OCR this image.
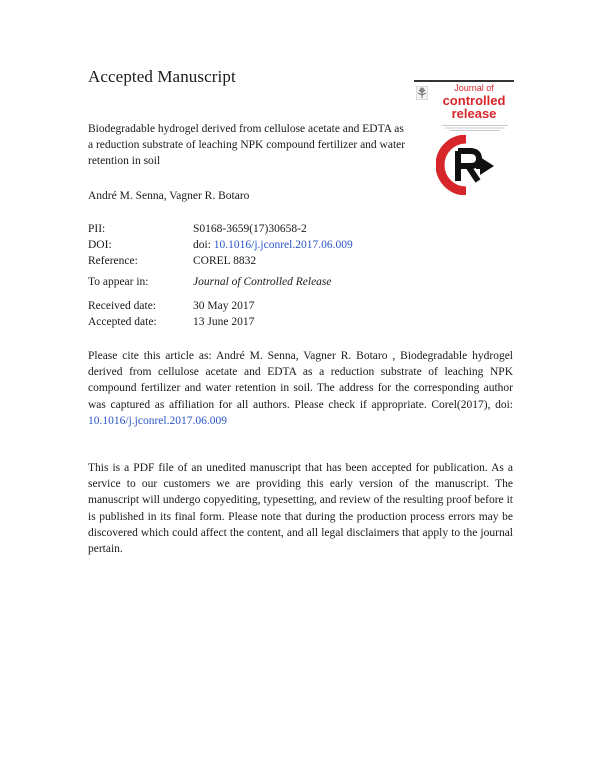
Accepted Manuscript
Journal of
controlled
release
Biodegradable hydrogel derived from cellulose acetate and EDTA as a reduction substrate of leaching NPK compound fertilizer and water retention in soil
André M. Senna, Vagner R. Botaro
PII:	S0168-3659(17)30658-2
DOI:	doi: 10.1016/j.jconrel.2017.06.009
Reference:	COREL 8832
To appear in:	Journal of Controlled Release
Received date:	30 May 2017
Accepted date:	13 June 2017
Please cite this article as: André M. Senna, Vagner R. Botaro , Biodegradable hydrogel derived from cellulose acetate and EDTA as a reduction substrate of leaching NPK compound fertilizer and water retention in soil. The address for the corresponding author was captured as affiliation for all authors. Please check if appropriate. Corel(2017), doi: 10.1016/j.jconrel.2017.06.009
This is a PDF file of an unedited manuscript that has been accepted for publication. As a service to our customers we are providing this early version of the manuscript. The manuscript will undergo copyediting, typesetting, and review of the resulting proof before it is published in its final form. Please note that during the production process errors may be discovered which could affect the content, and all legal disclaimers that apply to the journal pertain.
